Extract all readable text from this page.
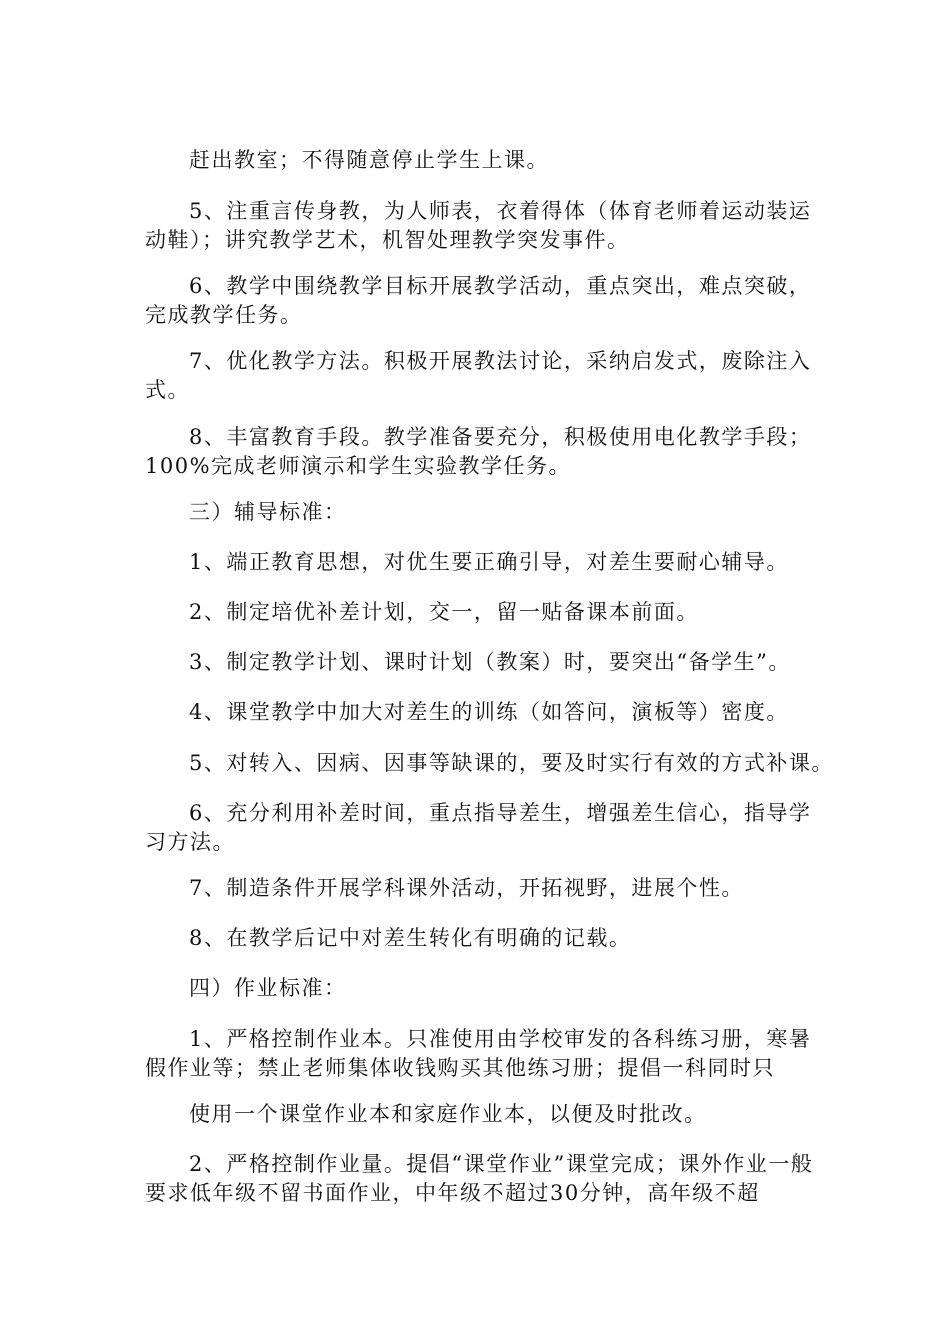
赶出教室；不得随意停止学生上课。

5、注重言传身教，为人师表，衣着得体（体育老师着运动装运动鞋）；讲究教学艺术，机智处理教学突发事件。

6、教学中围绕教学目标开展教学活动，重点突出，难点突破，完成教学任务。

7、优化教学方法。积极开展教法讨论，采纳启发式，废除注入式。

8、丰富教育手段。教学准备要充分，积极使用电化教学手段；100%完成老师演示和学生实验教学任务。

三）辅导标准：

1、端正教育思想，对优生要正确引导，对差生要耐心辅导。

2、制定培优补差计划，交一，留一贴备课本前面。

3、制定教学计划、课时计划（教案）时，要突出“备学生”。

4、课堂教学中加大对差生的训练（如答问，演板等）密度。

5、对转入、因病、因事等缺课的，要及时实行有效的方式补课。

6、充分利用补差时间，重点指导差生，增强差生信心，指导学习方法。

7、制造条件开展学科课外活动，开拓视野，进展个性。

8、在教学后记中对差生转化有明确的记载。

四）作业标准：

1、严格控制作业本。只准使用由学校审发的各科练习册，寒暑假作业等；禁止老师集体收钱购买其他练习册；提倡一科同时只

使用一个课堂作业本和家庭作业本，以便及时批改。

2、严格控制作业量。提倡“课堂作业”课堂完成；课外作业一般要求低年级不留书面作业，中年级不超过30分钟，高年级不超
